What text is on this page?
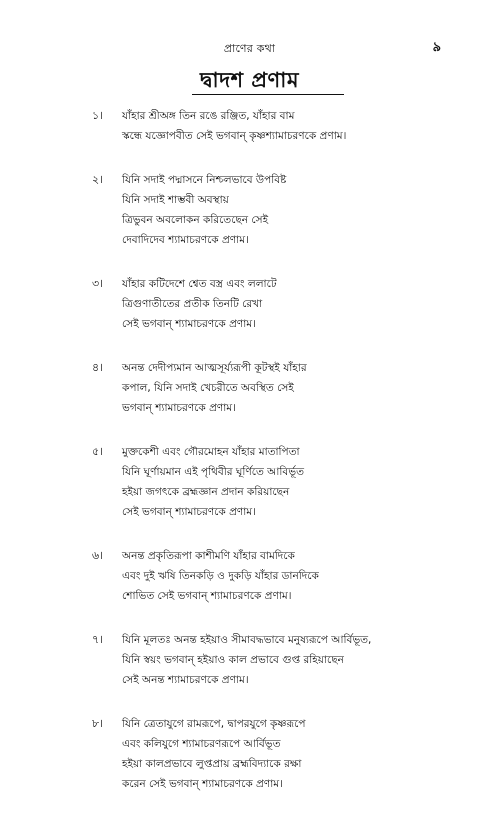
প্রাণের কথা	৯
দ্বাদশ প্রণাম
১। যাঁহার শ্রীঅঙ্গ তিন রঙে রঞ্জিত, যাঁহার বাম
স্কন্ধে যজ্ঞোপবীত সেই ভগবান্‌ কৃষ্ণশ্যামাচরণকে প্রণাম।
২। যিনি সদাই পদ্মাসনে নিশ্চলভাবে উপবিষ্ট
যিনি সদাই শাম্ভবী অবস্থায়
ত্রিভুবন অবলোকন করিতেছেন সেই
দেবাদিদেব শ্যামাচরণকে প্রণাম।
৩। যাঁহার কটিদেশে শ্বেত বস্ত্র এবং ললাটে
ত্রিগুণাতীতের প্রতীক তিনটি রেখা
সেই ভগবান্‌ শ্যামাচরণকে প্রণাম।
৪। অনন্ত দেদীপ্যমান আত্মসূর্য্যরূপী কূটস্থই যাঁহার
কপাল, যিনি সদাই খেচরীতে অবস্থিত সেই
ভগবান্‌ শ্যামাচরণকে প্রণাম।
৫। মুক্তকেশী এবং গৌরমোহন যাঁহার মাতাপিতা
যিনি ঘূর্ণায়মান এই পৃথিবীর ঘূর্ণিতে আবির্ভূত
হইয়া জগৎকে ব্রহ্মজ্ঞান প্রদান করিয়াছেন
সেই ভগবান্‌ শ্যামাচরণকে প্রণাম।
৬। অনন্ত প্রকৃতিরূপা কাশীমণি যাঁহার বামদিকে
এবং দুই ঋষি তিনকড়ি ও দুকড়ি যাঁহার ডানদিকে
শোভিত সেই ভগবান্‌ শ্যামাচরণকে প্রণাম।
৭। যিনি মূলতঃ অনন্ত হইয়াও সীমাবদ্ধভাবে মনুষ্যরূপে আর্বিভূত,
যিনি স্বয়ং ভগবান্‌ হইয়াও কাল প্রভাবে গুপ্ত রহিয়াছেন
সেই অনন্ত শ্যামাচরণকে প্রণাম।
৮। যিনি ত্রেতাযুগে রামরূপে, দ্বাপরযুগে কৃষ্ণরূপে
এবং কলিযুগে শ্যামাচরণরূপে আর্বিভূত
হইয়া কালপ্রভাবে লুপ্তপ্রায় ব্রহ্মবিদ্যাকে রক্ষা
করেন সেই ভগবান্‌ শ্যামাচরণকে প্রণাম।
